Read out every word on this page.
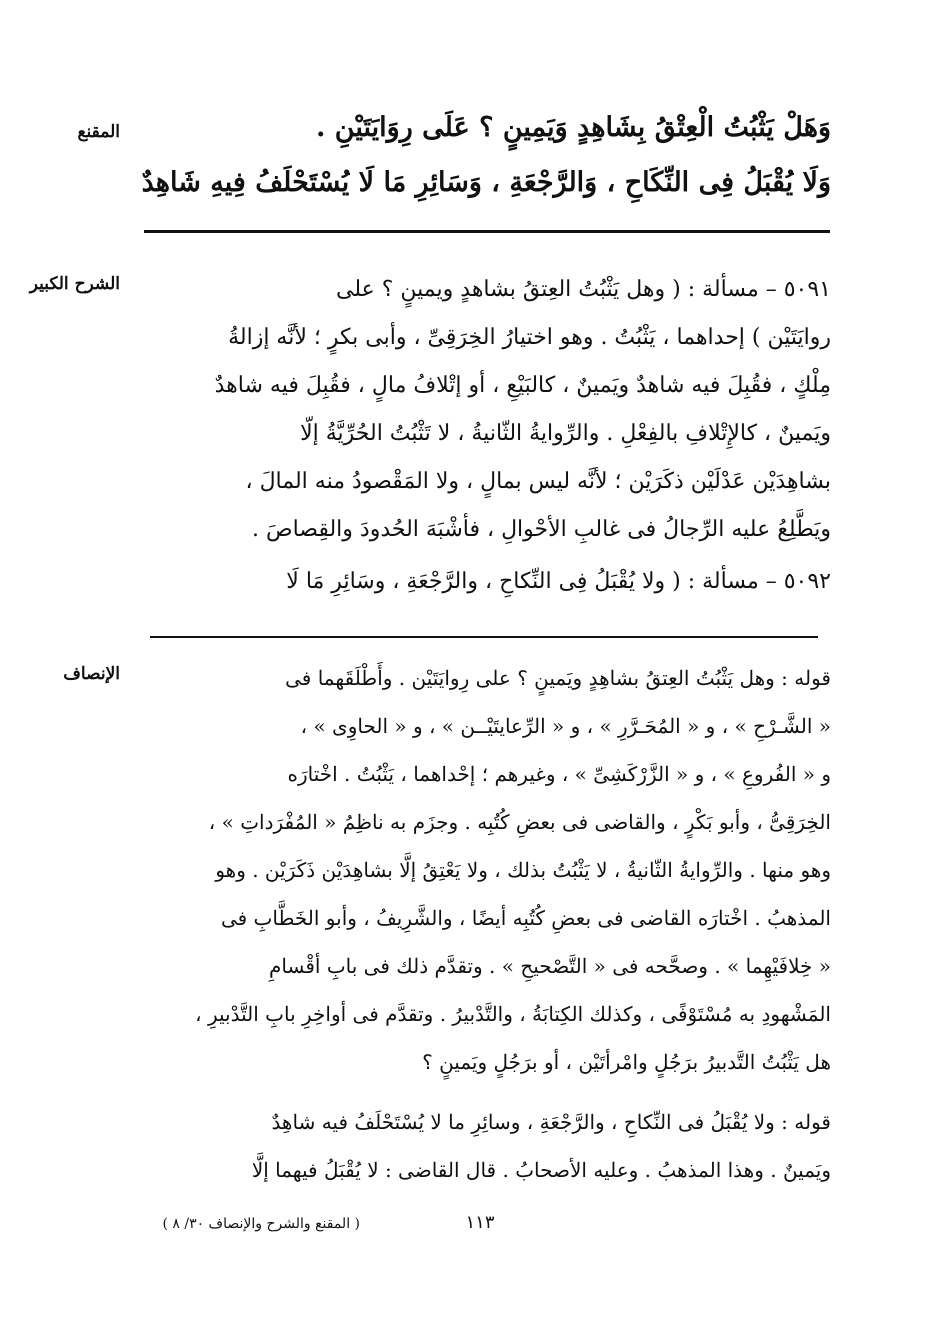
المقنع
الشرح الكبير
الإنصاف
وَهَلْ يَثْبُتُ الْعِتْقُ بِشَاهِدٍ وَيَمِينٍ ؟ عَلَى رِوَايَتَيْنِ .
وَلَا يُقْبَلُ فِى النِّكَاحِ ، وَالرَّجْعَةِ ، وَسَائِرِ مَا لَا يُسْتَحْلَفُ فِيهِ شَاهِدٌ
٥٠٩١ – مسألة : ( وهل يَثْبُتُ العِتقُ بشاهدٍ ويمينٍ ؟ على
روايَتَيْن ) إحداهما ، يَثْبُتُ . وهو اختيارُ الخِرَقِىِّ ، وأبى بكرٍ ؛ لأنَّه إزالةُ
مِلْكٍ ، فقُبِلَ فيه شاهدٌ ويَمينٌ ، كالبَيْعِ ، أو إتْلافُ مالٍ ، فقُبِلَ فيه شاهدٌ
ويَمينٌ ، كالإِتْلافِ بالفِعْلِ . والرِّوايةُ الثّانيةُ ، لا تَثْبُتُ الحُرِّيَّةُ إلّا
بشاهِدَيْن عَدْلَيْن ذكَرَيْن ؛ لأنَّه ليس بمالٍ ، ولا المَقْصودُ منه المالَ ،
ويَطَّلِعُ عليه الرِّجالُ فى غالبِ الأحْوالِ ، فأشْبَهَ الحُدودَ والقِصاصَ .
٥٠٩٢ – مسألة : ( ولا يُقْبَلُ فِى النِّكاحِ ، والرَّجْعَةِ ، وسَائِرِ مَا لَا
قوله : وهل يَثْبُتُ العِتقُ بشاهِدٍ ويَمينٍ ؟ على رِوايَتَيْن . وأَطْلَقَهما فى
« الشَّـرْحِ » ، و « المُحَـرَّرِ » ، و « الرِّعايتَيْــن » ، و « الحاوِى » ،
و « الفُروعِ » ، و « الزَّرْكَشِىِّ » ، وغيرهم ؛ إحْداهما ، يَثْبُتُ . اخْتارَه
الخِرَقِىُّ ، وأبو بَكْرٍ ، والقاضى فى بعضِ كُتُبِه . وجزَم به ناظِمُ « المُفْرَداتِ » ،
وهو منها . والرِّوايةُ الثّانيةُ ، لا يَثْبُتُ بذلك ، ولا يَعْتِقُ إلَّا بشاهِدَيْن ذَكَرَيْن . وهو
المذهبُ . اخْتارَه القاضى فى بعضِ كُتُبِه أيضًا ، والشَّرِيفُ ، وأبو الخَطَّابِ فى
« خِلافَيْهِما » . وصحَّحه فى « التَّصْحيحِ » . وتقدَّم ذلك فى بابِ أقْسامِ
المَشْهودِ به مُسْتَوْفًى ، وكذلك الكِتابَةُ ، والتَّدْبيرُ . وتقدَّم فى أواخِرِ بابِ التَّدْبيرِ ،
هل يَثْبُتُ التَّدبيرُ برَجُلٍ وامْرأتَيْن ، أو برَجُلٍ ويَمينٍ ؟
قوله : ولا يُقْبَلُ فى النِّكاحِ ، والرَّجْعَةِ ، وسائِرِ ما لا يُسْتَحْلَفُ فيه شاهِدٌ
ويَمينٌ . وهذا المذهبُ . وعليه الأصحابُ . قال القاضى : لا يُقْبَلُ فيهما إلَّا
١١٣
( المقنع والشرح والإنصاف ٣٠/ ٨ )
